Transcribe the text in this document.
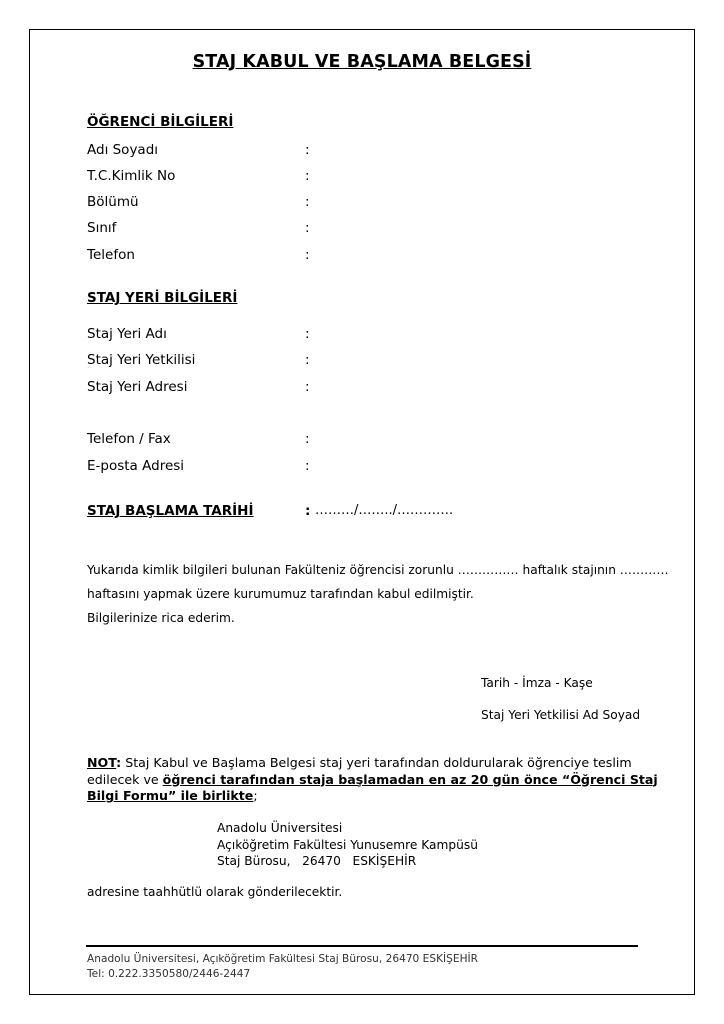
STAJ KABUL VE BAŞLAMA BELGESİ
ÖĞRENCİ BİLGİLERİ
Adı Soyadı	:
T.C.Kimlik No	:
Bölümü	:
Sınıf	:
Telefon	:
STAJ YERİ BİLGİLERİ
Staj Yeri Adı	:
Staj Yeri Yetkilisi	:
Staj Yeri Adresi	:
Telefon / Fax	:
E-posta Adresi	:
STAJ BAŞLAMA TARİHİ	: ………/……../………….
Yukarıda kimlik bilgileri bulunan Fakülteniz öğrencisi zorunlu …………… haftalık stajının …………
haftasını yapmak üzere kurumumuz tarafından kabul edilmiştir.
Bilgilerinize rica ederim.
Tarih - İmza - Kaşe
Staj Yeri Yetkilisi Ad Soyad
NOT: Staj Kabul ve Başlama Belgesi staj yeri tarafından doldurularak öğrenciye teslim edilecek ve öğrenci tarafından staja başlamadan en az 20 gün önce “Öğrenci Staj Bilgi Formu” ile birlikte;
Anadolu Üniversitesi
Açıköğretim Fakültesi Yunusemre Kampüsü
Staj Bürosu,   26470   ESKİŞEHİR
adresine taahhütlü olarak gönderilecektir.
Anadolu Üniversitesi, Açıköğretim Fakültesi Staj Bürosu, 26470 ESKİŞEHİR
Tel: 0.222.3350580/2446-2447
